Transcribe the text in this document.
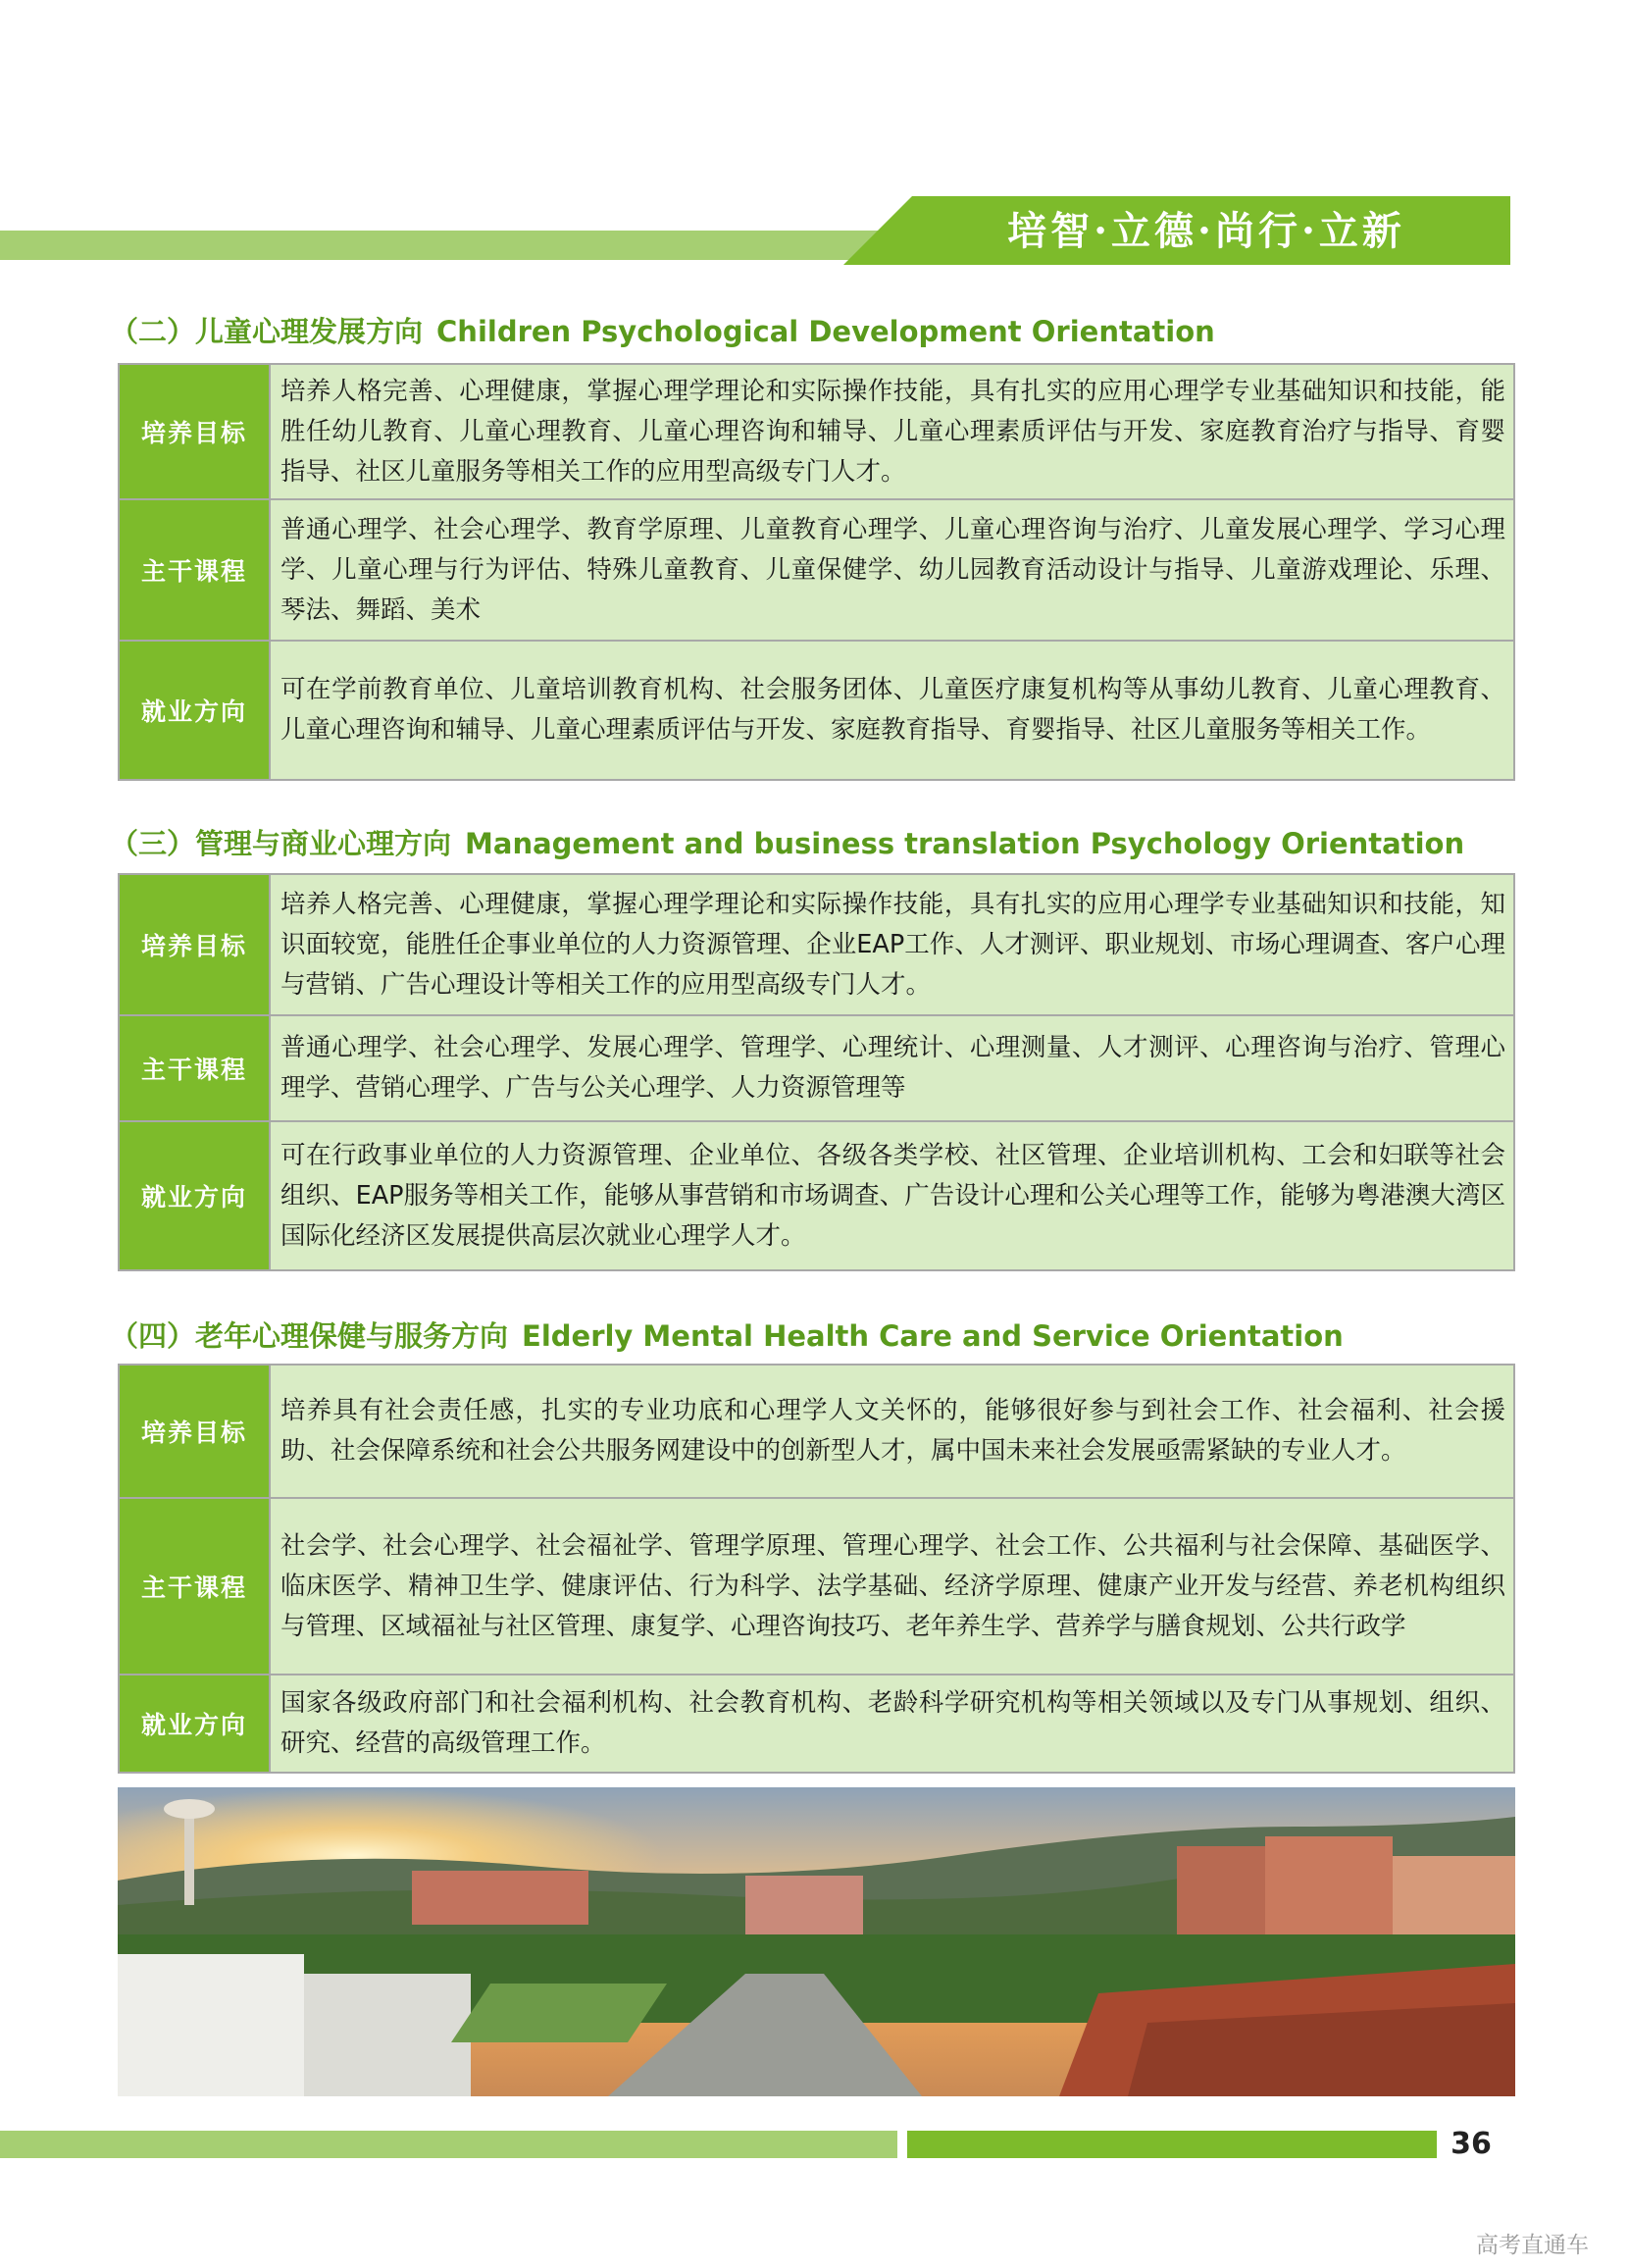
培智·立德·尚行·立新
（二）儿童心理发展方向 Children Psychological Development Orientation
培养目标	培养人格完善、心理健康，掌握心理学理论和实际操作技能，具有扎实的应用心理学专业基础知识和技能，能胜任幼儿教育、儿童心理教育、儿童心理咨询和辅导、儿童心理素质评估与开发、家庭教育治疗与指导、育婴指导、社区儿童服务等相关工作的应用型高级专门人才。
主干课程	普通心理学、社会心理学、教育学原理、儿童教育心理学、儿童心理咨询与治疗、儿童发展心理学、学习心理学、儿童心理与行为评估、特殊儿童教育、儿童保健学、幼儿园教育活动设计与指导、儿童游戏理论、乐理、琴法、舞蹈、美术
就业方向	可在学前教育单位、儿童培训教育机构、社会服务团体、儿童医疗康复机构等从事幼儿教育、儿童心理教育、儿童心理咨询和辅导、儿童心理素质评估与开发、家庭教育指导、育婴指导、社区儿童服务等相关工作。
（三）管理与商业心理方向 Management and business translation Psychology Orientation
培养目标	培养人格完善、心理健康，掌握心理学理论和实际操作技能，具有扎实的应用心理学专业基础知识和技能，知识面较宽，能胜任企事业单位的人力资源管理、企业EAP工作、人才测评、职业规划、市场心理调查、客户心理与营销、广告心理设计等相关工作的应用型高级专门人才。
主干课程	普通心理学、社会心理学、发展心理学、管理学、心理统计、心理测量、人才测评、心理咨询与治疗、管理心理学、营销心理学、广告与公关心理学、人力资源管理等
就业方向	可在行政事业单位的人力资源管理、企业单位、各级各类学校、社区管理、企业培训机构、工会和妇联等社会组织、EAP服务等相关工作，能够从事营销和市场调查、广告设计心理和公关心理等工作，能够为粤港澳大湾区国际化经济区发展提供高层次就业心理学人才。
（四）老年心理保健与服务方向 Elderly Mental Health Care and Service Orientation
培养目标	培养具有社会责任感，扎实的专业功底和心理学人文关怀的，能够很好参与到社会工作、社会福利、社会援助、社会保障系统和社会公共服务网建设中的创新型人才，属中国未来社会发展亟需紧缺的专业人才。
主干课程	社会学、社会心理学、社会福祉学、管理学原理、管理心理学、社会工作、公共福利与社会保障、基础医学、临床医学、精神卫生学、健康评估、行为科学、法学基础、经济学原理、健康产业开发与经营、养老机构组织与管理、区域福祉与社区管理、康复学、心理咨询技巧、老年养生学、营养学与膳食规划、公共行政学
就业方向	国家各级政府部门和社会福利机构、社会教育机构、老龄科学研究机构等相关领域以及专门从事规划、组织、研究、经营的高级管理工作。
36
高考直通车
